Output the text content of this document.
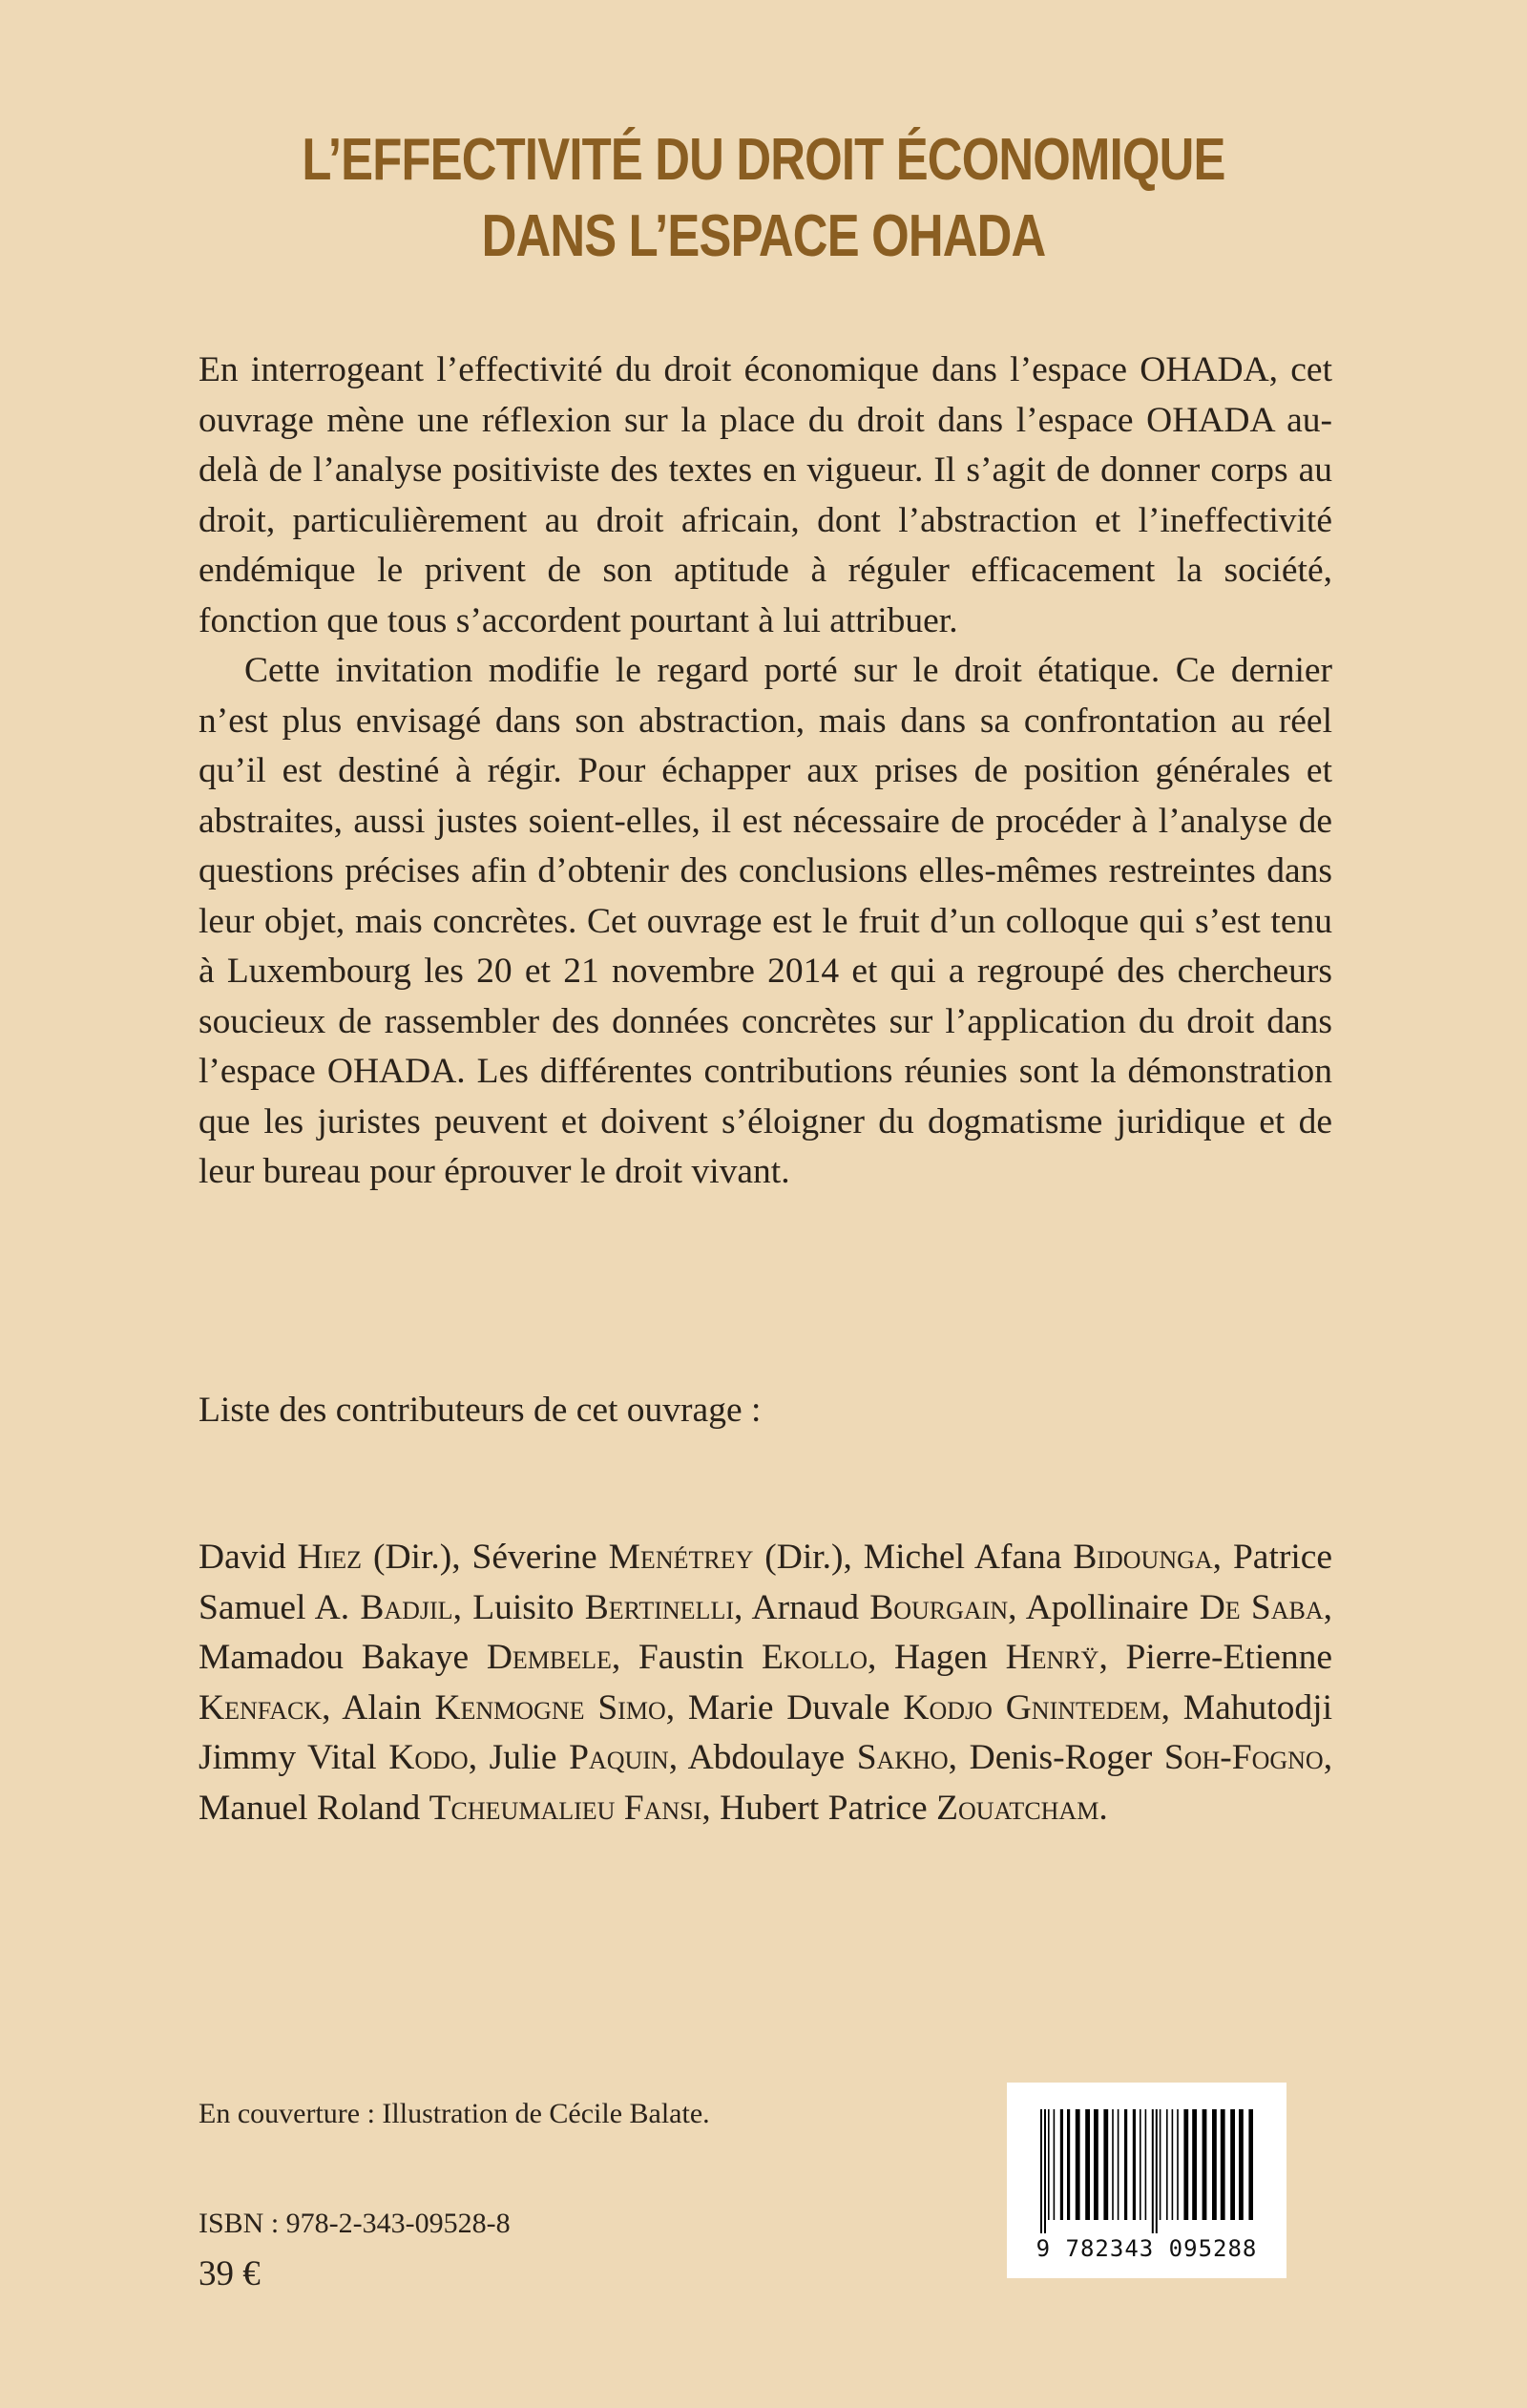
L’EFFECTIVITÉ DU DROIT ÉCONOMIQUE
DANS L’ESPACE OHADA

En interrogeant l’effectivité du droit économique dans l’espace OHADA, cet ouvrage mène une réflexion sur la place du droit dans l’espace OHADA au-delà de l’analyse positiviste des textes en vigueur. Il s’agit de donner corps au droit, particulièrement au droit africain, dont l’abstraction et l’ineffectivité endémique le privent de son aptitude à réguler efficacement la société, fonction que tous s’accordent pourtant à lui attribuer.

Cette invitation modifie le regard porté sur le droit étatique. Ce dernier n’est plus envisagé dans son abstraction, mais dans sa confrontation au réel qu’il est destiné à régir. Pour échapper aux prises de position générales et abstraites, aussi justes soient-elles, il est nécessaire de procéder à l’analyse de questions précises afin d’obtenir des conclusions elles-mêmes restreintes dans leur objet, mais concrètes. Cet ouvrage est le fruit d’un colloque qui s’est tenu à Luxembourg les 20 et 21 novembre 2014 et qui a regroupé des chercheurs soucieux de rassembler des données concrètes sur l’application du droit dans l’espace OHADA. Les différentes contributions réunies sont la démonstration que les juristes peuvent et doivent s’éloigner du dogmatisme juridique et de leur bureau pour éprouver le droit vivant.

Liste des contributeurs de cet ouvrage :
David Hiez (Dir.), Séverine Menétrey (Dir.), Michel Afana Bidounga, Patrice Samuel A. Badjil, Luisito Bertinelli, Arnaud Bourgain, Apollinaire De Saba, Mamadou Bakaye Dembele, Faustin Ekollo, Hagen Henrÿ, Pierre-Etienne Kenfack, Alain Kenmogne Simo, Marie Duvale Kodjo Gnintedem, Mahutodji Jimmy Vital Kodo, Julie Paquin, Abdoulaye Sakho, Denis-Roger Soh-Fogno, Manuel Roland Tcheumalieu Fansi, Hubert Patrice Zouatcham.
En couverture : Illustration de Cécile Balate.
ISBN : 978-2-343-09528-8
39 €
9 782343 095288
